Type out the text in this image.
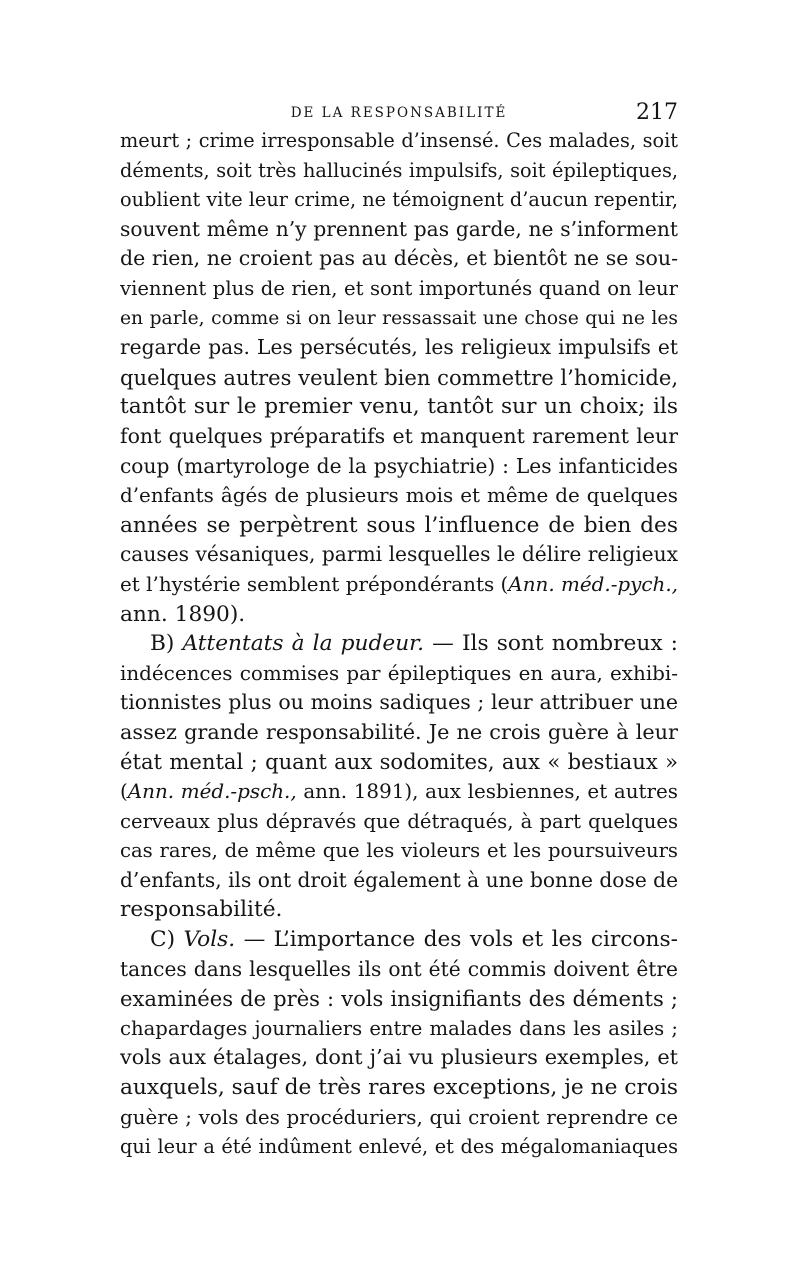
DE LA RESPONSABILITÉ	217
meurt ; crime irresponsable d’insensé. Ces malades, soit
déments, soit très hallucinés impulsifs, soit épileptiques,
oublient vite leur crime, ne témoignent d’aucun repentir,
souvent même n’y prennent pas garde, ne s’informent
de rien, ne croient pas au décès, et bientôt ne se sou-
viennent plus de rien, et sont importunés quand on leur
en parle, comme si on leur ressassait une chose qui ne les
regarde pas. Les persécutés, les religieux impulsifs et
quelques autres veulent bien commettre l’homicide,
tantôt sur le premier venu, tantôt sur un choix; ils
font quelques préparatifs et manquent rarement leur
coup (martyrologe de la psychiatrie) : Les infanticides
d’enfants âgés de plusieurs mois et même de quelques
années se perpètrent sous l’influence de bien des
causes vésaniques, parmi lesquelles le délire religieux
et l’hystérie semblent prépondérants (Ann. méd.-pych.,
ann. 1890).
B) Attentats à la pudeur. — Ils sont nombreux :
indécences commises par épileptiques en aura, exhibi-
tionnistes plus ou moins sadiques ; leur attribuer une
assez grande responsabilité. Je ne crois guère à leur
état mental ; quant aux sodomites, aux « bestiaux »
(Ann. méd.-psch., ann. 1891), aux lesbiennes, et autres
cerveaux plus dépravés que détraqués, à part quelques
cas rares, de même que les violeurs et les poursuiveurs
d’enfants, ils ont droit également à une bonne dose de
responsabilité.
C) Vols. — L’importance des vols et les circons-
tances dans lesquelles ils ont été commis doivent être
examinées de près : vols insignifiants des déments ;
chapardages journaliers entre malades dans les asiles ;
vols aux étalages, dont j’ai vu plusieurs exemples, et
auxquels, sauf de très rares exceptions, je ne crois
guère ; vols des procéduriers, qui croient reprendre ce
qui leur a été indûment enlevé, et des mégalomaniaques
